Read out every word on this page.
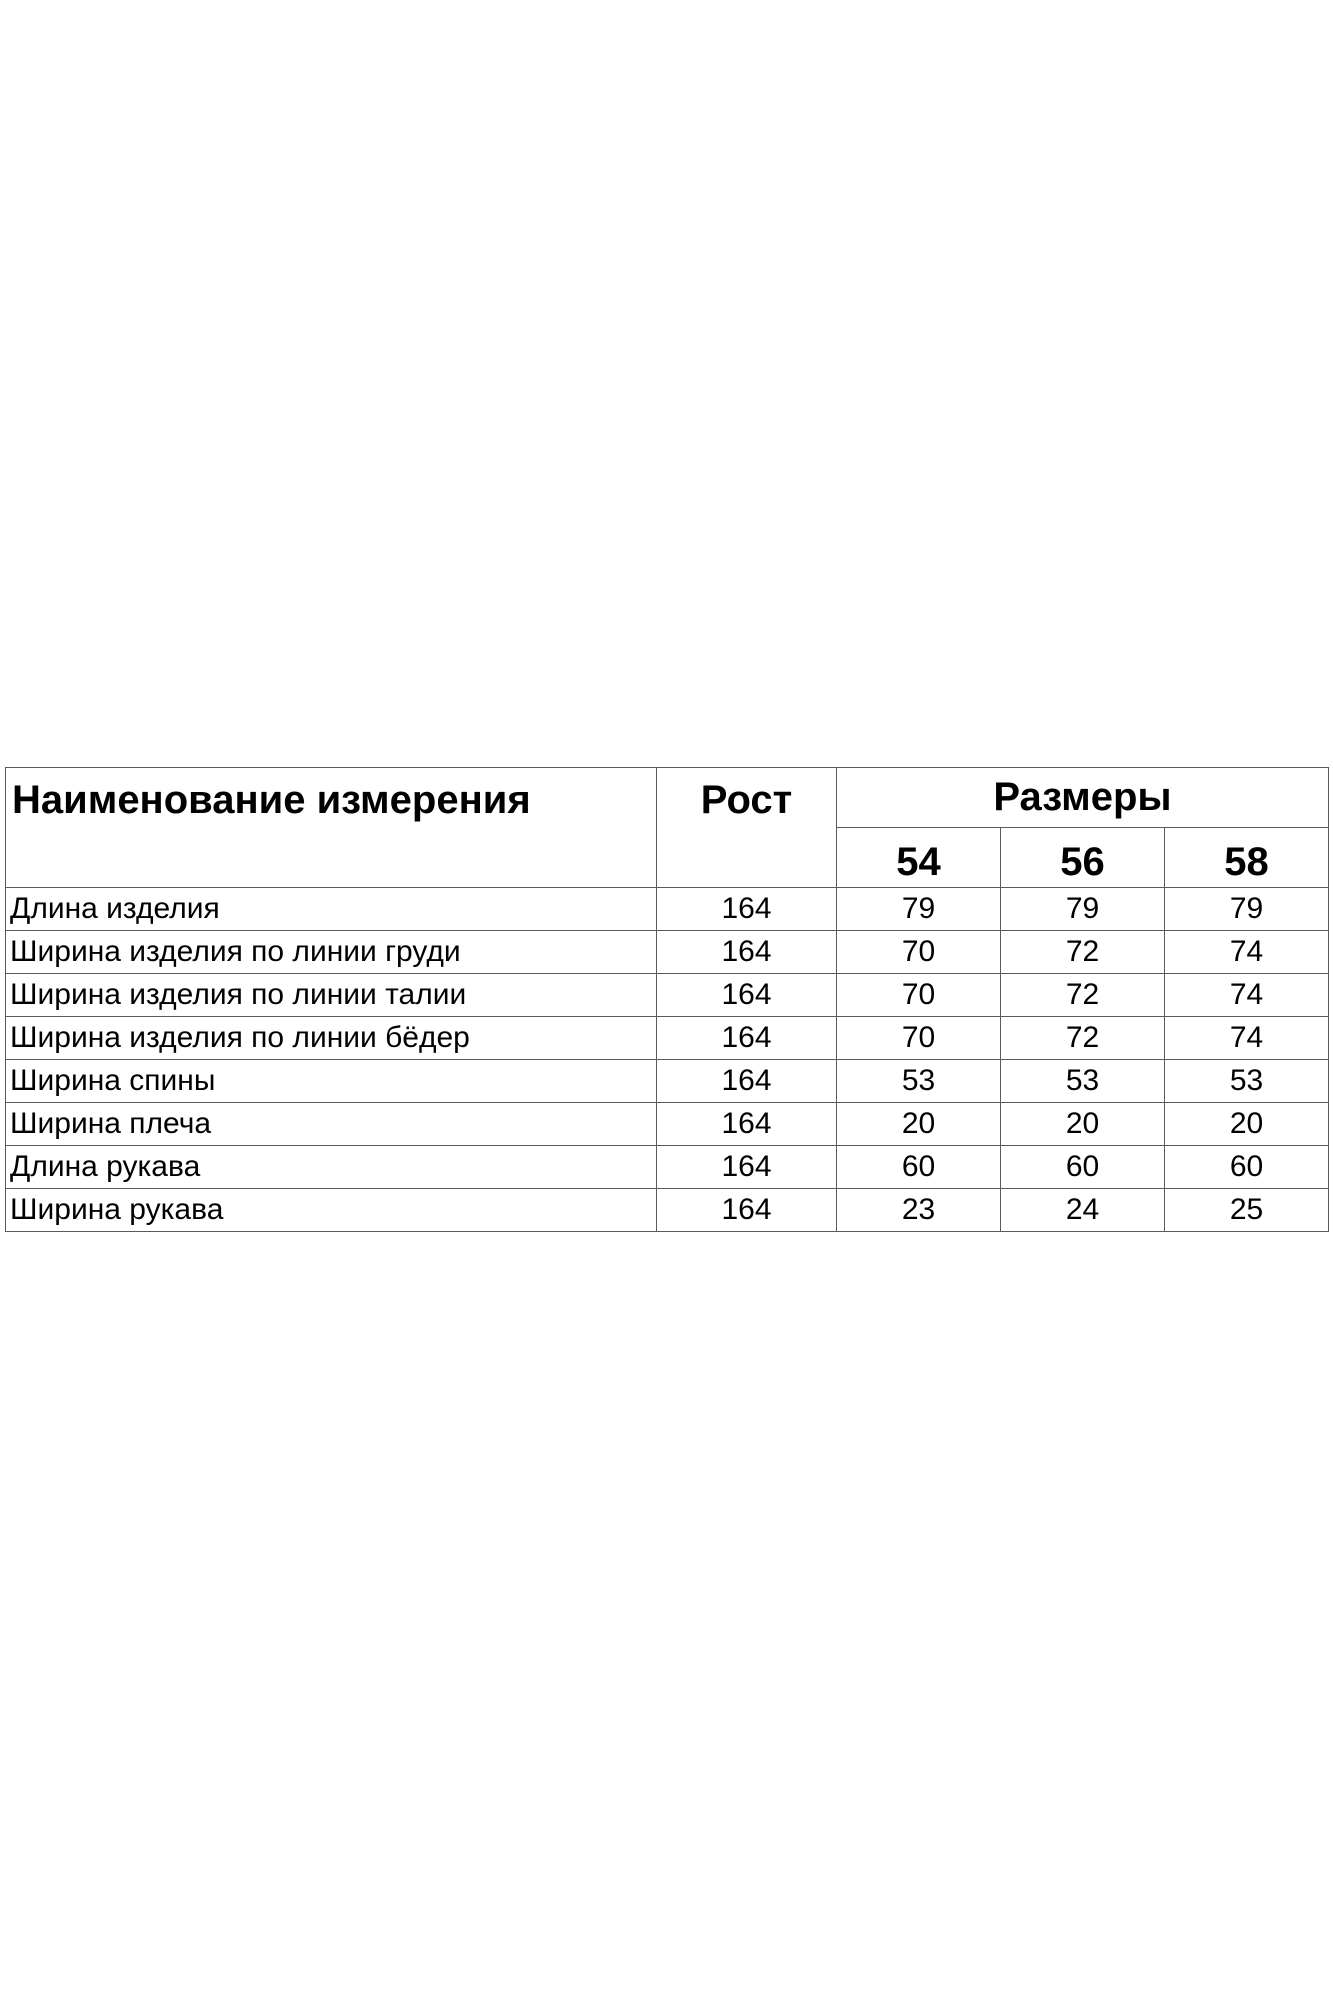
Наименование измерения	Рост	Размеры		
		54	56	58
Длина изделия	164	79	79	79
Ширина изделия по линии груди	164	70	72	74
Ширина изделия по линии талии	164	70	72	74
Ширина изделия по линии бёдер	164	70	72	74
Ширина спины	164	53	53	53
Ширина плеча	164	20	20	20
Длина рукава	164	60	60	60
Ширина рукава	164	23	24	25
